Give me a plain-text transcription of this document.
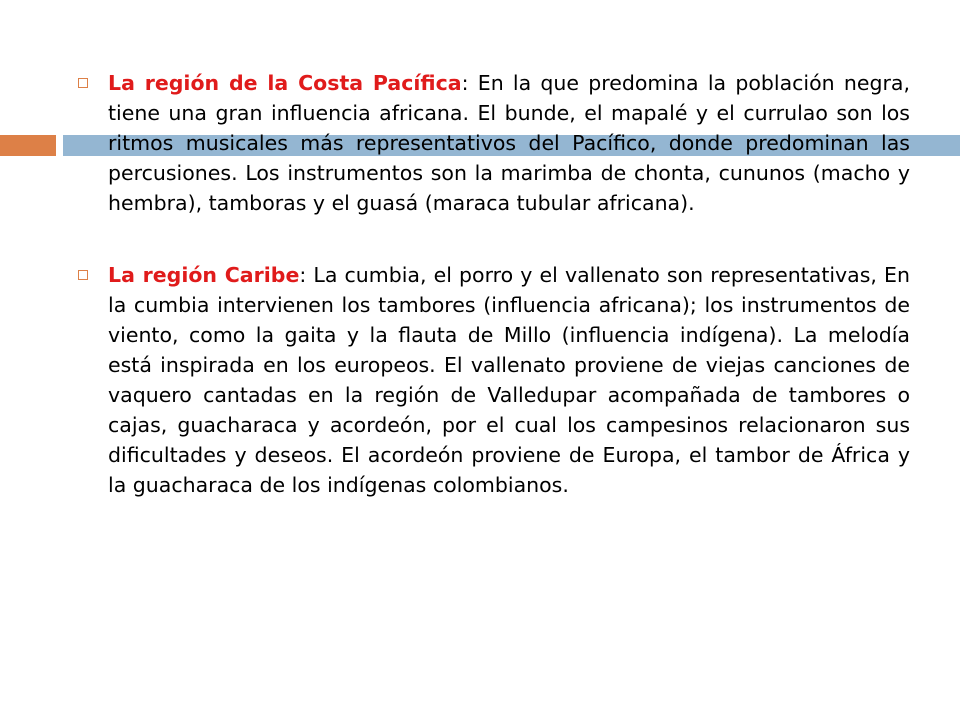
La región de la Costa Pacífica: En la que predomina la población negra, tiene una gran influencia africana. El bunde, el mapalé y el currulao son los ritmos musicales más representativos del Pacífico, donde predominan las percusiones. Los instrumentos son la marimba de chonta, cununos (macho y hembra), tamboras y el guasá (maraca tubular africana).
La región Caribe: La cumbia, el porro y el vallenato son representativas, En la cumbia intervienen los tambores (influencia africana); los instrumentos de viento, como la gaita y la flauta de Millo (influencia indígena). La melodía está inspirada en los europeos. El vallenato proviene de viejas canciones de vaquero cantadas en la región de Valledupar acompañada de tambores o cajas, guacharaca y acordeón, por el cual los campesinos relacionaron sus dificultades y deseos. El acordeón proviene de Europa, el tambor de África y la guacharaca de los indígenas colombianos.
